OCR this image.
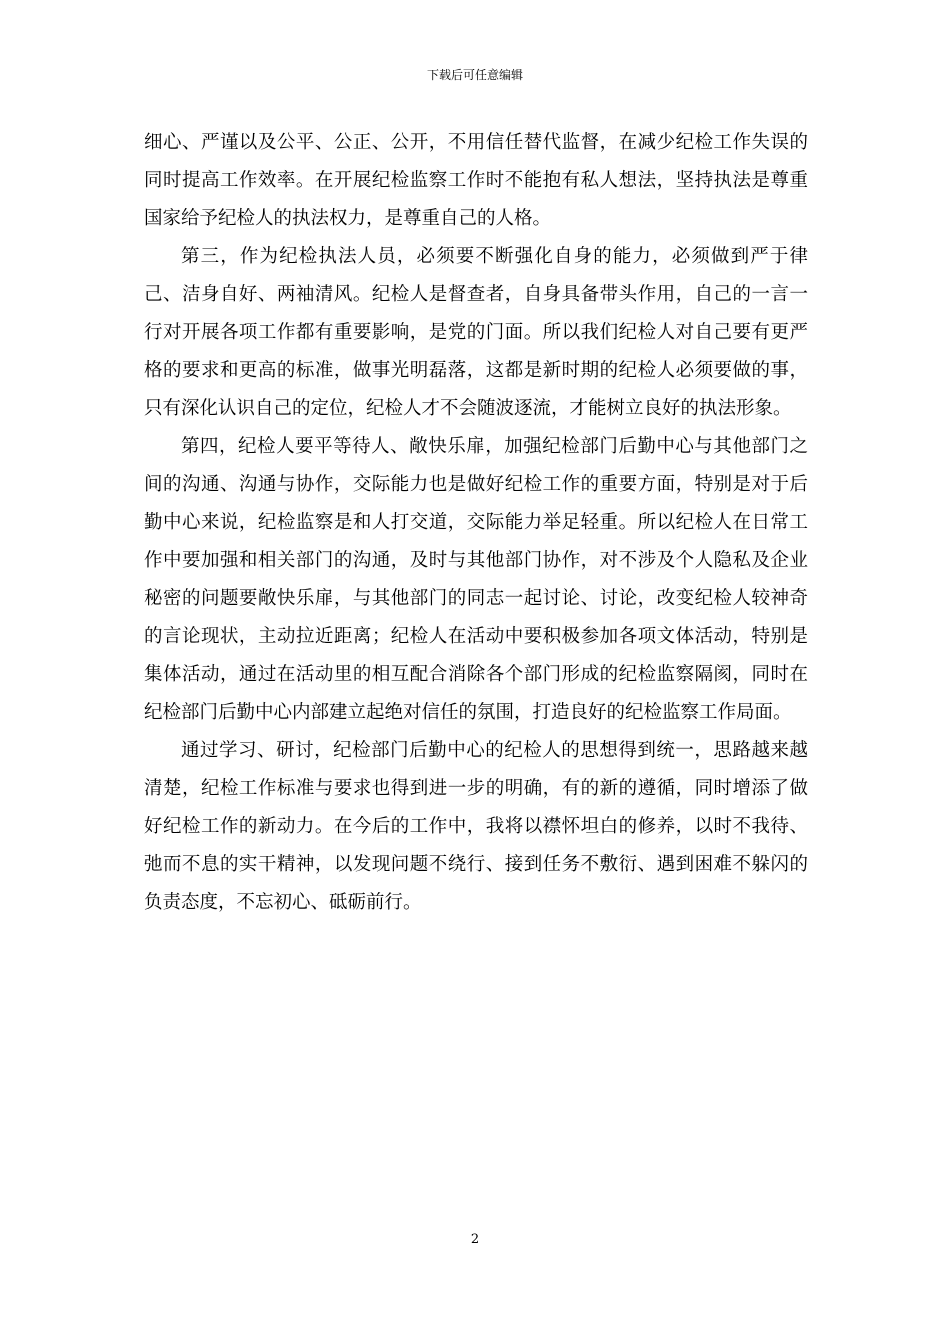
下载后可任意编辑

细心、严谨以及公平、公正、公开，不用信任替代监督，在减少纪检工作失误的同时提高工作效率。在开展纪检监察工作时不能抱有私人想法，坚持执法是尊重国家给予纪检人的执法权力，是尊重自己的人格。

第三，作为纪检执法人员，必须要不断强化自身的能力，必须做到严于律己、洁身自好、两袖清风。纪检人是督查者，自身具备带头作用，自己的一言一行对开展各项工作都有重要影响，是党的门面。所以我们纪检人对自己要有更严格的要求和更高的标准，做事光明磊落，这都是新时期的纪检人必须要做的事，只有深化认识自己的定位，纪检人才不会随波逐流，才能树立良好的执法形象。

第四，纪检人要平等待人、敞快乐扉，加强纪检部门后勤中心与其他部门之间的沟通、沟通与协作，交际能力也是做好纪检工作的重要方面，特别是对于后勤中心来说，纪检监察是和人打交道，交际能力举足轻重。所以纪检人在日常工作中要加强和相关部门的沟通，及时与其他部门协作，对不涉及个人隐私及企业秘密的问题要敞快乐扉，与其他部门的同志一起讨论、讨论，改变纪检人较神奇的言论现状，主动拉近距离；纪检人在活动中要积极参加各项文体活动，特别是集体活动，通过在活动里的相互配合消除各个部门形成的纪检监察隔阂，同时在纪检部门后勤中心内部建立起绝对信任的氛围，打造良好的纪检监察工作局面。

通过学习、研讨，纪检部门后勤中心的纪检人的思想得到统一，思路越来越清楚，纪检工作标准与要求也得到进一步的明确，有的新的遵循，同时增添了做好纪检工作的新动力。在今后的工作中，我将以襟怀坦白的修养，以时不我待、弛而不息的实干精神，以发现问题不绕行、接到任务不敷衍、遇到困难不躲闪的负责态度，不忘初心、砥砺前行。

2
